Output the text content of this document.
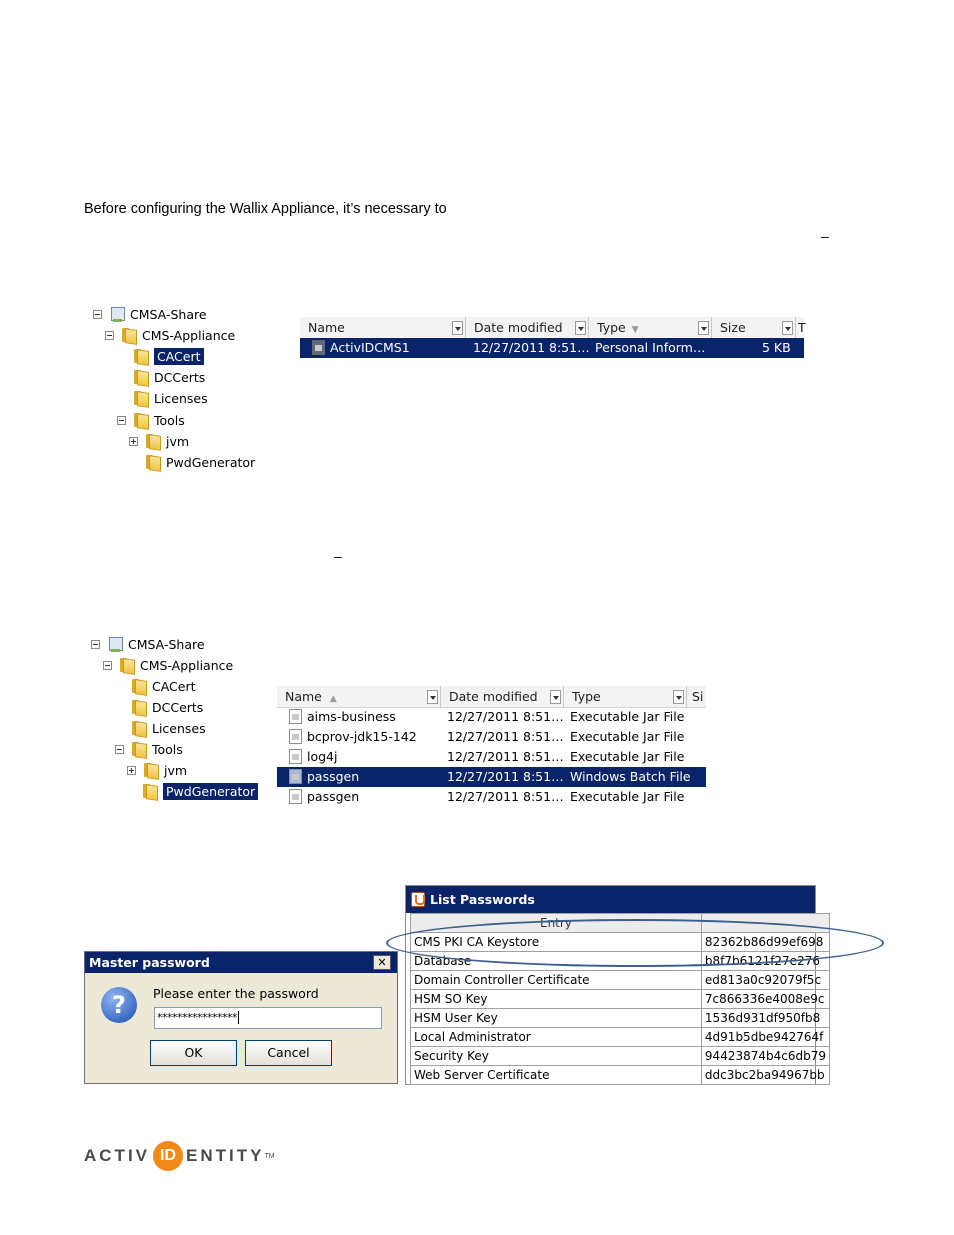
Before configuring the Wallix Appliance, it’s necessary to
–
–
CMSA-Share
CMS-Appliance
CACert
DCCerts
Licenses
Tools
jvm
PwdGenerator
Name	Date modified	Type ▼	Size	T
ActivIDCMS1	12/27/2011 8:51… Personal Inform…	5 KB
CMSA-Share
CMS-Appliance
CACert
DCCerts
Licenses
Tools
jvm
PwdGenerator
Name ▲	Date modified	Type	Si
aims-business	12/27/2011 8:51… Executable Jar File
bcprov-jdk15-142	12/27/2011 8:51… Executable Jar File
log4j	12/27/2011 8:51… Executable Jar File
passgen	12/27/2011 8:51… Windows Batch File
passgen	12/27/2011 8:51… Executable Jar File
Master password	✕
?	Please enter the password
****************
OK	Cancel
List Passwords
Entry	
CMS PKI CA Keystore	82362b86d99ef698
Database	b8f7b6121f27e276
Domain Controller Certificate	ed813a0c92079f5c
HSM SO Key	7c866336e4008e9c
HSM User Key	1536d931df950fb8
Local Administrator	4d91b5dbe942764f
Security Key	94423874b4c6db79
Web Server Certificate	ddc3bc2ba94967bb
ACTIV ID ENTITY TM
